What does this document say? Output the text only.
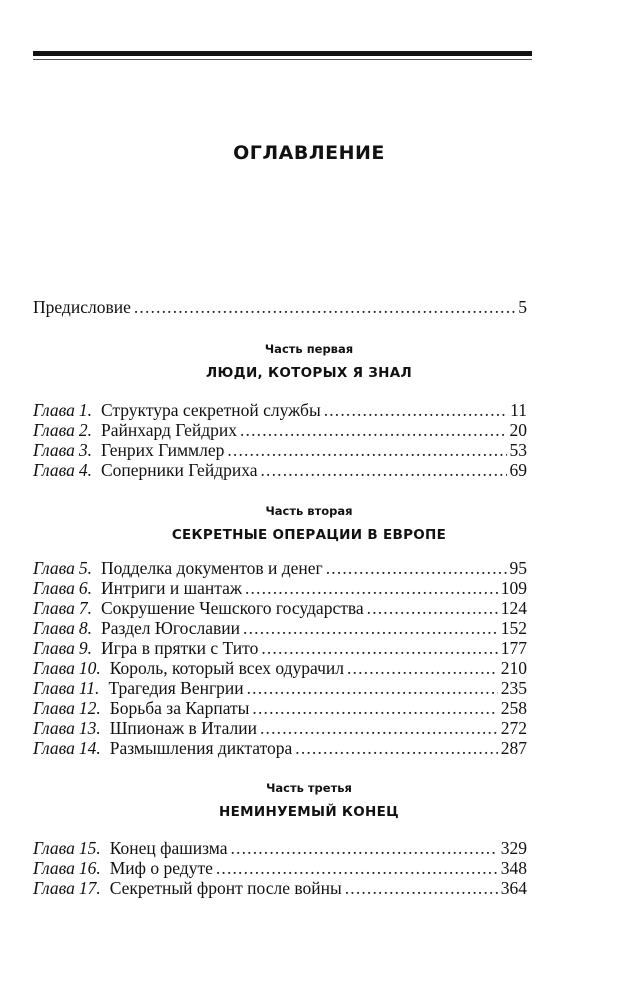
ОГЛАВЛЕНИЕ
Предисловие . . .	5
Часть первая
ЛЮДИ, КОТОРЫХ Я ЗНАЛ
Глава 1. Структура секретной службы . . .	11
Глава 2. Райнхард Гейдрих . . .	20
Глава 3. Генрих Гиммлер . . .	53
Глава 4. Соперники Гейдриха . . .	69
Часть вторая
СЕКРЕТНЫЕ ОПЕРАЦИИ В ЕВРОПЕ
Глава 5. Подделка документов и денег . . .	95
Глава 6. Интриги и шантаж . . .	109
Глава 7. Сокрушение Чешского государства . . .	124
Глава 8. Раздел Югославии . . .	152
Глава 9. Игра в прятки с Тито . . .	177
Глава 10. Король, который всех одурачил . . .	210
Глава 11. Трагедия Венгрии . . .	235
Глава 12. Борьба за Карпаты . . .	258
Глава 13. Шпионаж в Италии . . .	272
Глава 14. Размышления диктатора . . .	287
Часть третья
НЕМИНУЕМЫЙ КОНЕЦ
Глава 15. Конец фашизма . . .	329
Глава 16. Миф о редуте . . .	348
Глава 17. Секретный фронт после войны . . .	364
